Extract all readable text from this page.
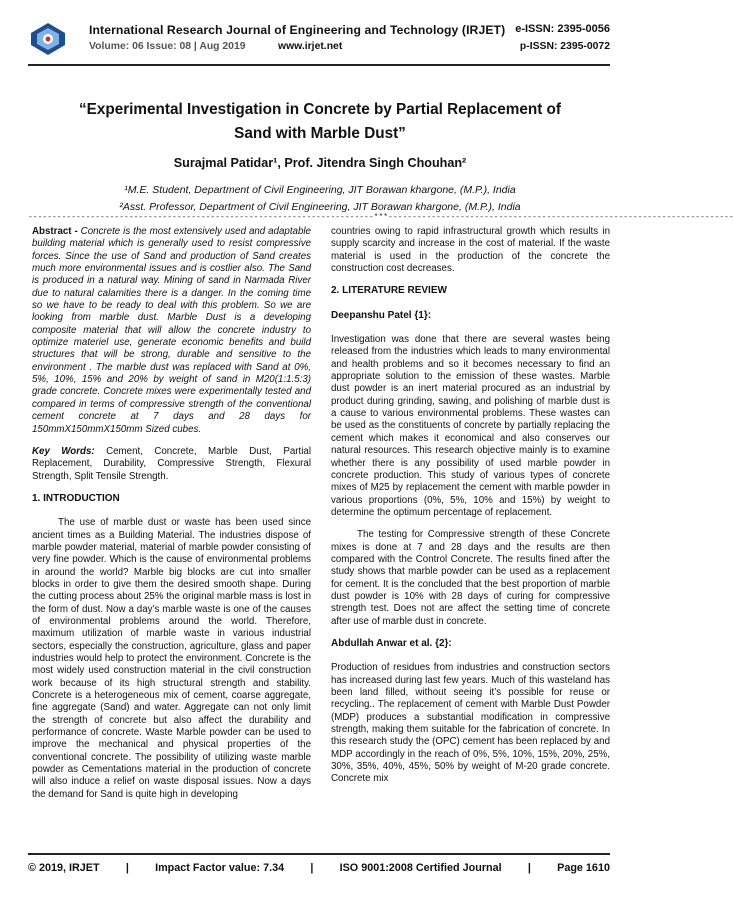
International Research Journal of Engineering and Technology (IRJET) e-ISSN: 2395-0056
Volume: 06 Issue: 08 | Aug 2019	www.irjet.net	p-ISSN: 2395-0072
“Experimental Investigation in Concrete by Partial Replacement of
Sand with Marble Dust”
Surajmal Patidar¹, Prof. Jitendra Singh Chouhan²
¹M.E. Student, Department of Civil Engineering, JIT Borawan khargone, (M.P.), India
²Asst. Professor, Department of Civil Engineering, JIT Borawan khargone, (M.P.), India
------------------------------------------------------------------------***------------------------------------------------------------------------

Abstract - Concrete is the most extensively used and adaptable building material which is generally used to resist compressive forces. Since the use of Sand and production of Sand creates much more environmental issues and is costlier also. The Sand is produced in a natural way. Mining of sand in Narmada River due to natural calamities there is a danger. In the coming time so we have to be ready to deal with this problem. So we are looking from marble dust. Marble Dust is a developing composite material that will allow the concrete industry to optimize materiel use, generate economic benefits and build structures that will be strong, durable and sensitive to the environment . The marble dust was replaced with Sand at 0%, 5%, 10%, 15% and 20% by weight of sand in M20(1:1.5:3) grade concrete. Concrete mixes were experimentally tested and compared in terms of compressive strength of the conventional cement concrete at 7 days and 28 days for 150mmX150mmX150mm Sized cubes.

Key Words: Cement, Concrete, Marble Dust, Partial Replacement, Durability, Compressive Strength, Flexural Strength, Split Tensile Strength.

1. INTRODUCTION

The use of marble dust or waste has been used since ancient times as a Building Material. The industries dispose of marble powder material, material of marble powder consisting of very fine powder. Which is the cause of environmental problems in around the world? Marble big blocks are cut into smaller blocks in order to give them the desired smooth shape. During the cutting process about 25% the original marble mass is lost in the form of dust. Now a day’s marble waste is one of the causes of environmental problems around the world. Therefore, maximum utilization of marble waste in various industrial sectors, especially the construction, agriculture, glass and paper industries would help to protect the environment. Concrete is the most widely used construction material in the civil construction work because of its high structural strength and stability. Concrete is a heterogeneous mix of cement, coarse aggregate, fine aggregate (Sand) and water. Aggregate can not only limit the strength of concrete but also affect the durability and performance of concrete. Waste Marble powder can be used to improve the mechanical and physical properties of the conventional concrete. The possibility of utilizing waste marble powder as Cementations material in the production of concrete will also induce a relief on waste disposal issues. Now a days the demand for Sand is quite high in developing

countries owing to rapid infrastructural growth which results in supply scarcity and increase in the cost of material. If the waste material is used in the production of the concrete the construction cost decreases.

2. LITERATURE REVIEW

Deepanshu Patel {1}:

Investigation was done that there are several wastes being released from the industries which leads to many environmental and health problems and so it becomes necessary to find an appropriate solution to the emission of these wastes. Marble dust powder is an inert material procured as an industrial by product during grinding, sawing, and polishing of marble dust is a cause to various environmental problems. These wastes can be used as the constituents of concrete by partially replacing the cement which makes it economical and also conserves our natural resources. This research objective mainly is to examine whether there is any possibility of used marble powder in concrete production. This study of various types of concrete mixes of M25 by replacement the cement with marble powder in various proportions (0%, 5%, 10% and 15%) by weight to determine the optimum percentage of replacement.

The testing for Compressive strength of these Concrete mixes is done at 7 and 28 days and the results are then compared with the Control Concrete. The results fined after the study shows that marble powder can be used as a replacement for cement. It is the concluded that the best proportion of marble dust powder is 10% with 28 days of curing for compressive strength test. Does not are affect the setting time of concrete after use of marble dust in concrete.

Abdullah Anwar et al. {2}:

Production of residues from industries and construction sectors has increased during last few years. Much of this wasteland has been land filled, without seeing it’s possible for reuse or recycling.. The replacement of cement with Marble Dust Powder (MDP) produces a substantial modification in compressive strength, making them suitable for the fabrication of concrete. In this research study the (OPC) cement has been replaced by and MDP accordingly in the reach of 0%, 5%, 10%, 15%, 20%, 25%, 30%, 35%, 40%, 45%, 50% by weight of M-20 grade concrete. Concrete mix

© 2019, IRJET | Impact Factor value: 7.34 | ISO 9001:2008 Certified Journal | Page 1610
